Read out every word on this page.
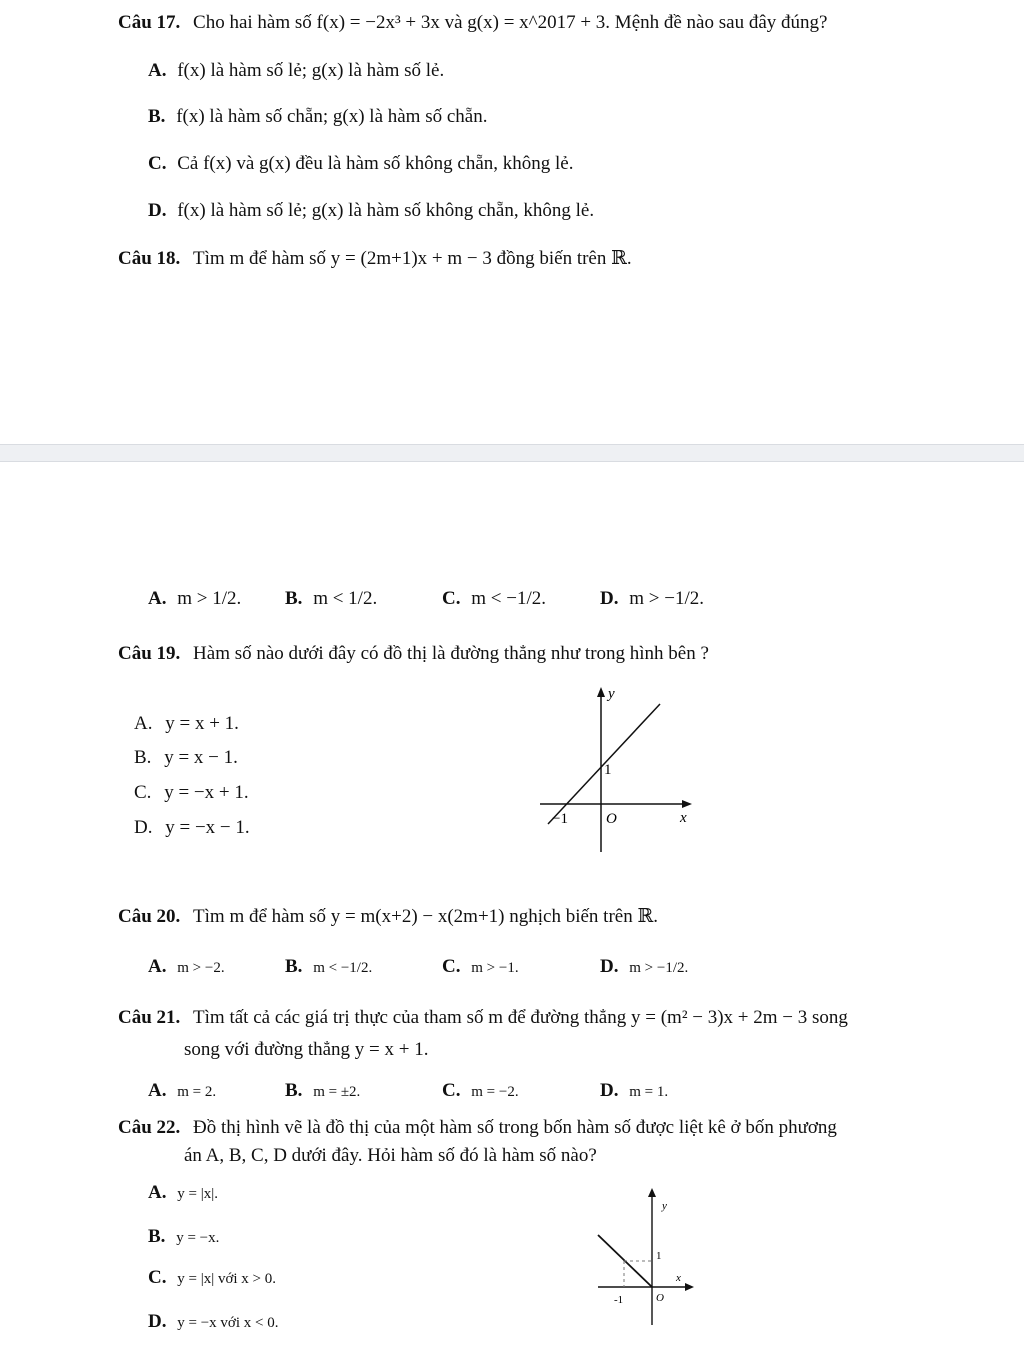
Câu 17. Cho hai hàm số f(x) = −2x³ + 3x và g(x) = x^2017 + 3. Mệnh đề nào sau đây đúng?
A. f(x) là hàm số lẻ; g(x) là hàm số lẻ.
B. f(x) là hàm số chẵn; g(x) là hàm số chẵn.
C. Cả f(x) và g(x) đều là hàm số không chẵn, không lẻ.
D. f(x) là hàm số lẻ; g(x) là hàm số không chẵn, không lẻ.
Câu 18. Tìm m để hàm số y = (2m+1)x + m − 3 đồng biến trên ℝ.
A. m > 1/2. B. m < 1/2.	C. m < −1/2.	D. m > −1/2.
Câu 19. Hàm số nào dưới đây có đồ thị là đường thẳng như trong hình bên ?
A. y = x + 1.
B. y = x − 1.
C. y = −x + 1.
D. y = −x − 1.
y
x
O
−1
1
Câu 20. Tìm m để hàm số y = m(x+2) − x(2m+1) nghịch biến trên ℝ.
A. m > −2.	B. m < −1/2.	C. m > −1.	D. m > −1/2.
Câu 21. Tìm tất cả các giá trị thực của tham số m để đường thẳng y = (m² − 3)x + 2m − 3 song
song với đường thẳng y = x + 1.
A. m = 2.	B. m = ±2.	C. m = −2.	D. m = 1.
Câu 22. Đồ thị hình vẽ là đồ thị của một hàm số trong bốn hàm số được liệt kê ở bốn phương
án A, B, C, D dưới đây. Hỏi hàm số đó là hàm số nào?
A. y = |x|.
B. y = −x.
C. y = |x| với x > 0.
D. y = −x với x < 0.
y
x
O
-1
1
